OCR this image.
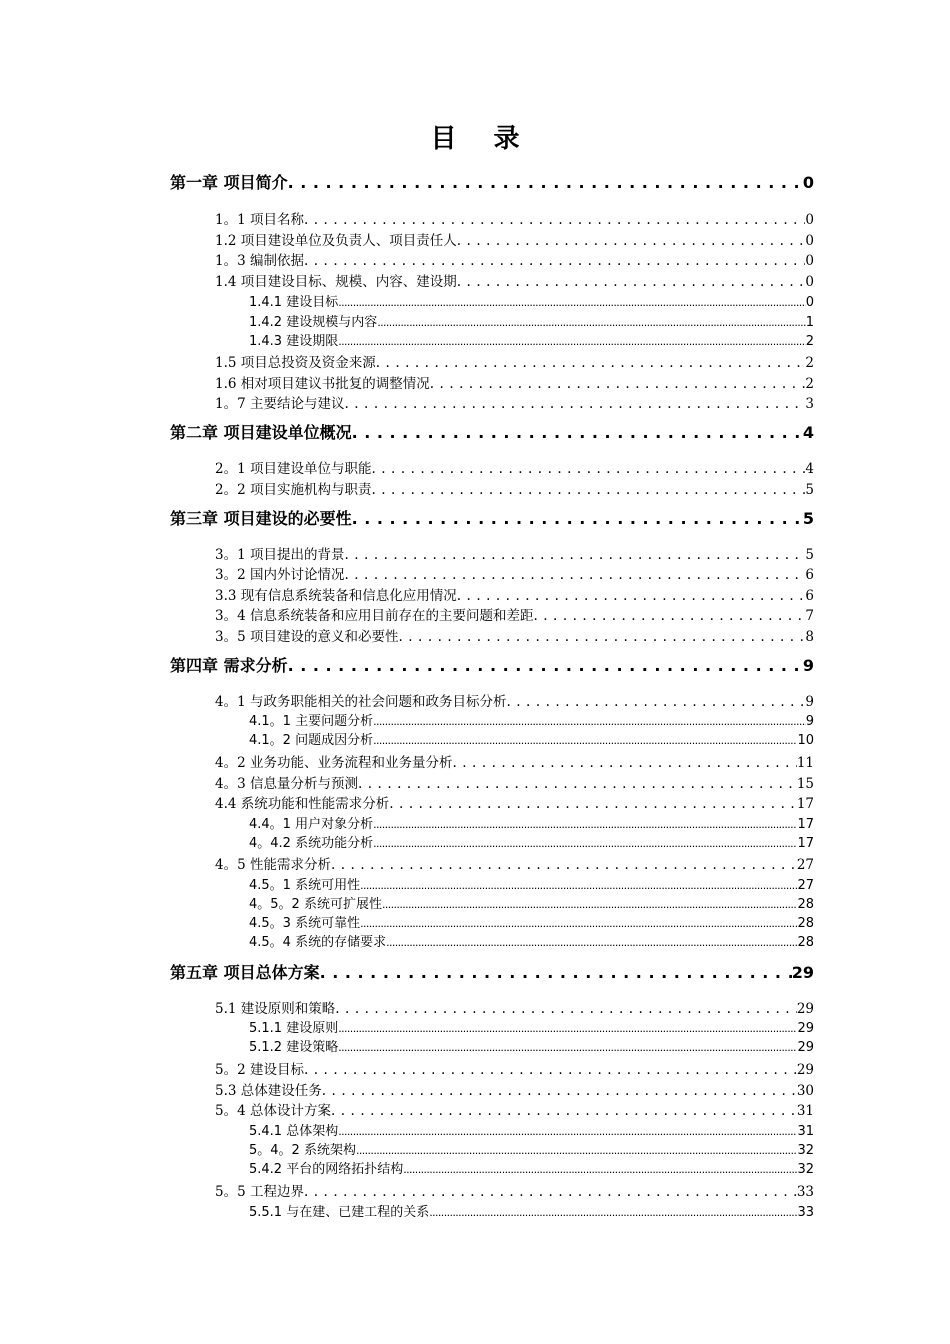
目 录
第一章 项目简介 . . .	0
1。1 项目名称 . . .	0
1.2 项目建设单位及负责人、项目责任人 . . .	0
1。3 编制依据 . . .	0
1.4 项目建设目标、规模、内容、建设期 . . .	0
1.4.1 建设目标 .....	0
1.4.2 建设规模与内容 .....	1
1.4.3 建设期限 .....	2
1.5 项目总投资及资金来源 . . .	2
1.6 相对项目建议书批复的调整情况 . . .	2
1。7 主要结论与建议 . . .	3
第二章 项目建设单位概况 . . .	4
2。1 项目建设单位与职能 . . .	4
2。2 项目实施机构与职责 . . .	5
第三章 项目建设的必要性 . . .	5
3。1 项目提出的背景 . . .	5
3。2 国内外讨论情况 . . .	6
3.3 现有信息系统装备和信息化应用情况 . . .	6
3。4 信息系统装备和应用目前存在的主要问题和差距 . . .	7
3。5 项目建设的意义和必要性 . . .	8
第四章 需求分析 . . .	9
4。1 与政务职能相关的社会问题和政务目标分析 . . .	9
4.1。1 主要问题分析 .....	9
4.1。2 问题成因分析 .....	10
4。2 业务功能、业务流程和业务量分析 . . .	11
4。3 信息量分析与预测 . . .	15
4.4 系统功能和性能需求分析 . . .	17
4.4。1 用户对象分析 .....	17
4。4.2 系统功能分析 .....	17
4。5 性能需求分析 . . .	27
4.5。1 系统可用性 .....	27
4。5。2 系统可扩展性 .....	28
4.5。3 系统可靠性 .....	28
4.5。4 系统的存储要求 .....	28
第五章 项目总体方案 . . .	29
5.1 建设原则和策略 . . .	29
5.1.1 建设原则 .....	29
5.1.2 建设策略 .....	29
5。2 建设目标 . . .	29
5.3 总体建设任务 . . .	30
5。4 总体设计方案 . . .	31
5.4.1 总体架构 .....	31
5。4。2 系统架构 .....	32
5.4.2 平台的网络拓扑结构 .....	32
5。5 工程边界 . . .	33
5.5.1 与在建、已建工程的关系 .....	33
